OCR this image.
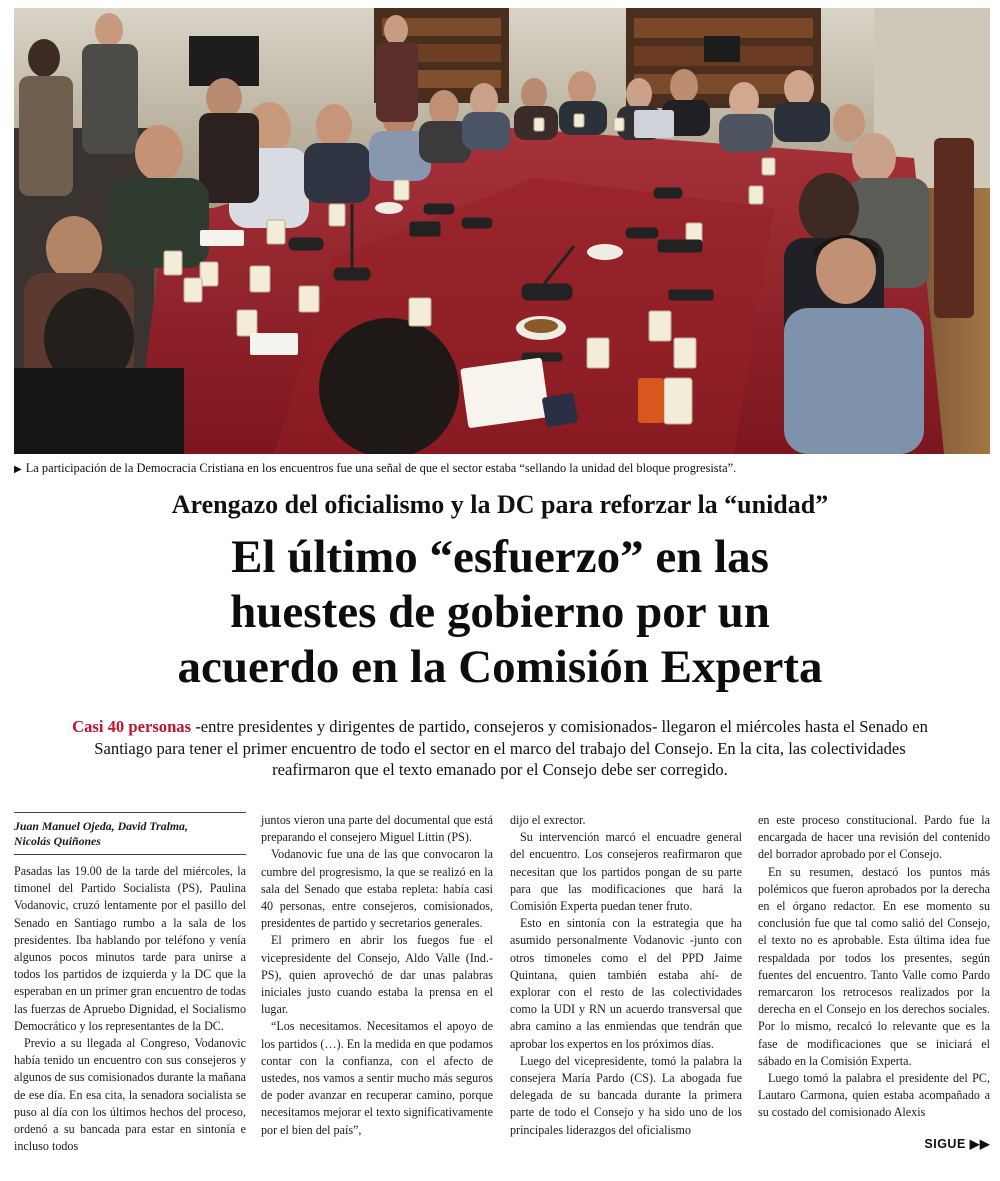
▶ La participación de la Democracia Cristiana en los encuentros fue una señal de que el sector estaba “sellando la unidad del bloque progresista”.
Arengazo del oficialismo y la DC para reforzar la “unidad”
El último “esfuerzo” en las
huestes de gobierno por un
acuerdo en la Comisión Experta

Casi 40 personas -entre presidentes y dirigentes de partido, consejeros y comisionados- llegaron el miércoles hasta el Senado en Santiago para tener el primer encuentro de todo el sector en el marco del trabajo del Consejo. En la cita, las colectividades reafirmaron que el texto emanado por el Consejo debe ser corregido.

Juan Manuel Ojeda, David Tralma,
Nicolás Quiñones

Pasadas las 19.00 de la tarde del miércoles, la timonel del Partido Socialista (PS), Paulina Vodanovic, cruzó lentamente por el pasillo del Senado en Santiago rumbo a la sala de los presidentes. Iba hablando por teléfono y venía algunos pocos minutos tarde para unirse a todos los partidos de izquierda y la DC que la esperaban en un primer gran encuentro de todas las fuerzas de Apruebo Dignidad, el Socialismo Democrático y los representantes de la DC.

Previo a su llegada al Congreso, Vodanovic había tenido un encuentro con sus consejeros y algunos de sus comisionados durante la mañana de ese día. En esa cita, la senadora socialista se puso al día con los últimos hechos del proceso, ordenó a su bancada para estar en sintonía e incluso todos

juntos vieron una parte del documental que está preparando el consejero Miguel Littin (PS).

Vodanovic fue una de las que convocaron la cumbre del progresismo, la que se realizó en la sala del Senado que estaba repleta: había casi 40 personas, entre consejeros, comisionados, presidentes de partido y secretarios generales.

El primero en abrir los fuegos fue el vicepresidente del Consejo, Aldo Valle (Ind.-PS), quien aprovechó de dar unas palabras iniciales justo cuando estaba la prensa en el lugar.

“Los necesitamos. Necesitamos el apoyo de los partidos (…). En la medida en que podamos contar con la confianza, con el afecto de ustedes, nos vamos a sentir mucho más seguros de poder avanzar en recuperar camino, porque necesitamos mejorar el texto significativamente por el bien del país”,

dijo el exrector.

Su intervención marcó el encuadre general del encuentro. Los consejeros reafirmaron que necesitan que los partidos pongan de su parte para que las modificaciones que hará la Comisión Experta puedan tener fruto.

Esto en sintonía con la estrategia que ha asumido personalmente Vodanovic -junto con otros timoneles como el del PPD Jaime Quintana, quien también estaba ahí- de explorar con el resto de las colectividades como la UDI y RN un acuerdo transversal que abra camino a las enmiendas que tendrán que aprobar los expertos en los próximos días.

Luego del vicepresidente, tomó la palabra la consejera María Pardo (CS). La abogada fue delegada de su bancada durante la primera parte de todo el Consejo y ha sido uno de los principales liderazgos del oficialismo

en este proceso constitucional. Pardo fue la encargada de hacer una revisión del contenido del borrador aprobado por el Consejo.

En su resumen, destacó los puntos más polémicos que fueron aprobados por la derecha en el órgano redactor. En ese momento su conclusión fue que tal como salió del Consejo, el texto no es aprobable. Esta última idea fue respaldada por todos los presentes, según fuentes del encuentro. Tanto Valle como Pardo remarcaron los retrocesos realizados por la derecha en el Consejo en los derechos sociales. Por lo mismo, recalcó lo relevante que es la fase de modificaciones que se iniciará el sábado en la Comisión Experta.

Luego tomó la palabra el presidente del PC, Lautaro Carmona, quien estaba acompañado a su costado del comisionado Alexis

SIGUE ▶▶
